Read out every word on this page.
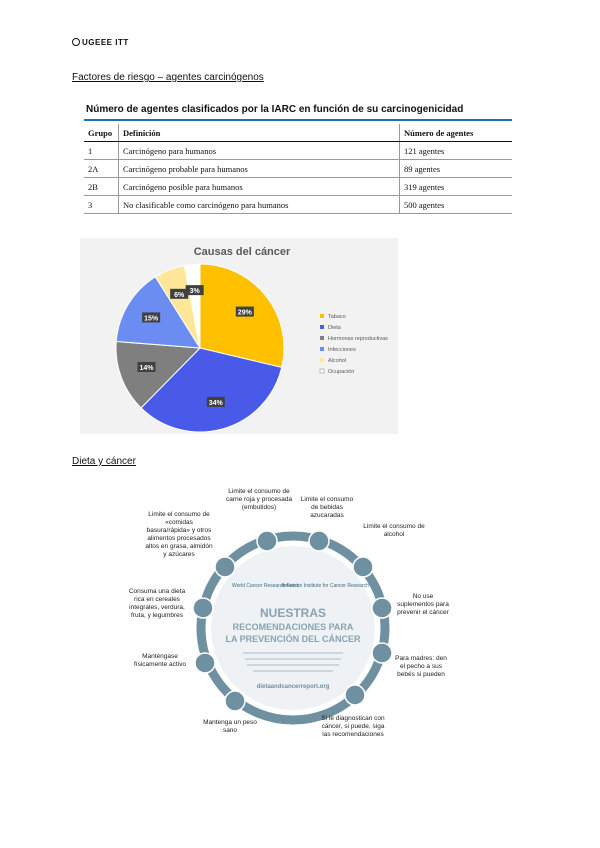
UGEEE ITT
Factores de riesgo – agentes carcinógenos
Número de agentes clasificados por la IARC en función de su carcinogenicidad
Grupo	Definición	Número de agentes
1	Carcinógeno para humanos	121 agentes
2A	Carcinógeno probable para humanos	89 agentes
2B	Carcinógeno posible para humanos	319 agentes
3	No clasificable como carcinógeno para humanos	500 agentes
Causas del cáncer
29%
34%
14%
15%
6%
3%
Tabaco
Dieta
Hormonas reproductivas
Infecciones
Alcohol
Ocupación
Dieta y cáncer
World Cancer Research Fund
American Institute for Cancer Research
NUESTRAS
RECOMENDACIONES PARA
LA PREVENCIÓN DEL CÁNCER
dietaandcancerreport.org
Limite el consumo de carne roja y procesada (embutidos)
Limite el consumo de bebidas azucaradas
Limite el consumo de alcohol
No use suplementos para prevenir el cáncer
Para madres: den el pecho a sus bebés si pueden
Si le diagnostican con cáncer, si puede, siga las recomendaciones
Mantenga un peso sano
Manténgase físicamente activo
Consuma una dieta rica en cereales integrales, verdura, fruta, y legumbres
Limite el consumo de «comidas basura/rápida» y otros alimentos procesados altos en grasa, almidón y azúcares
